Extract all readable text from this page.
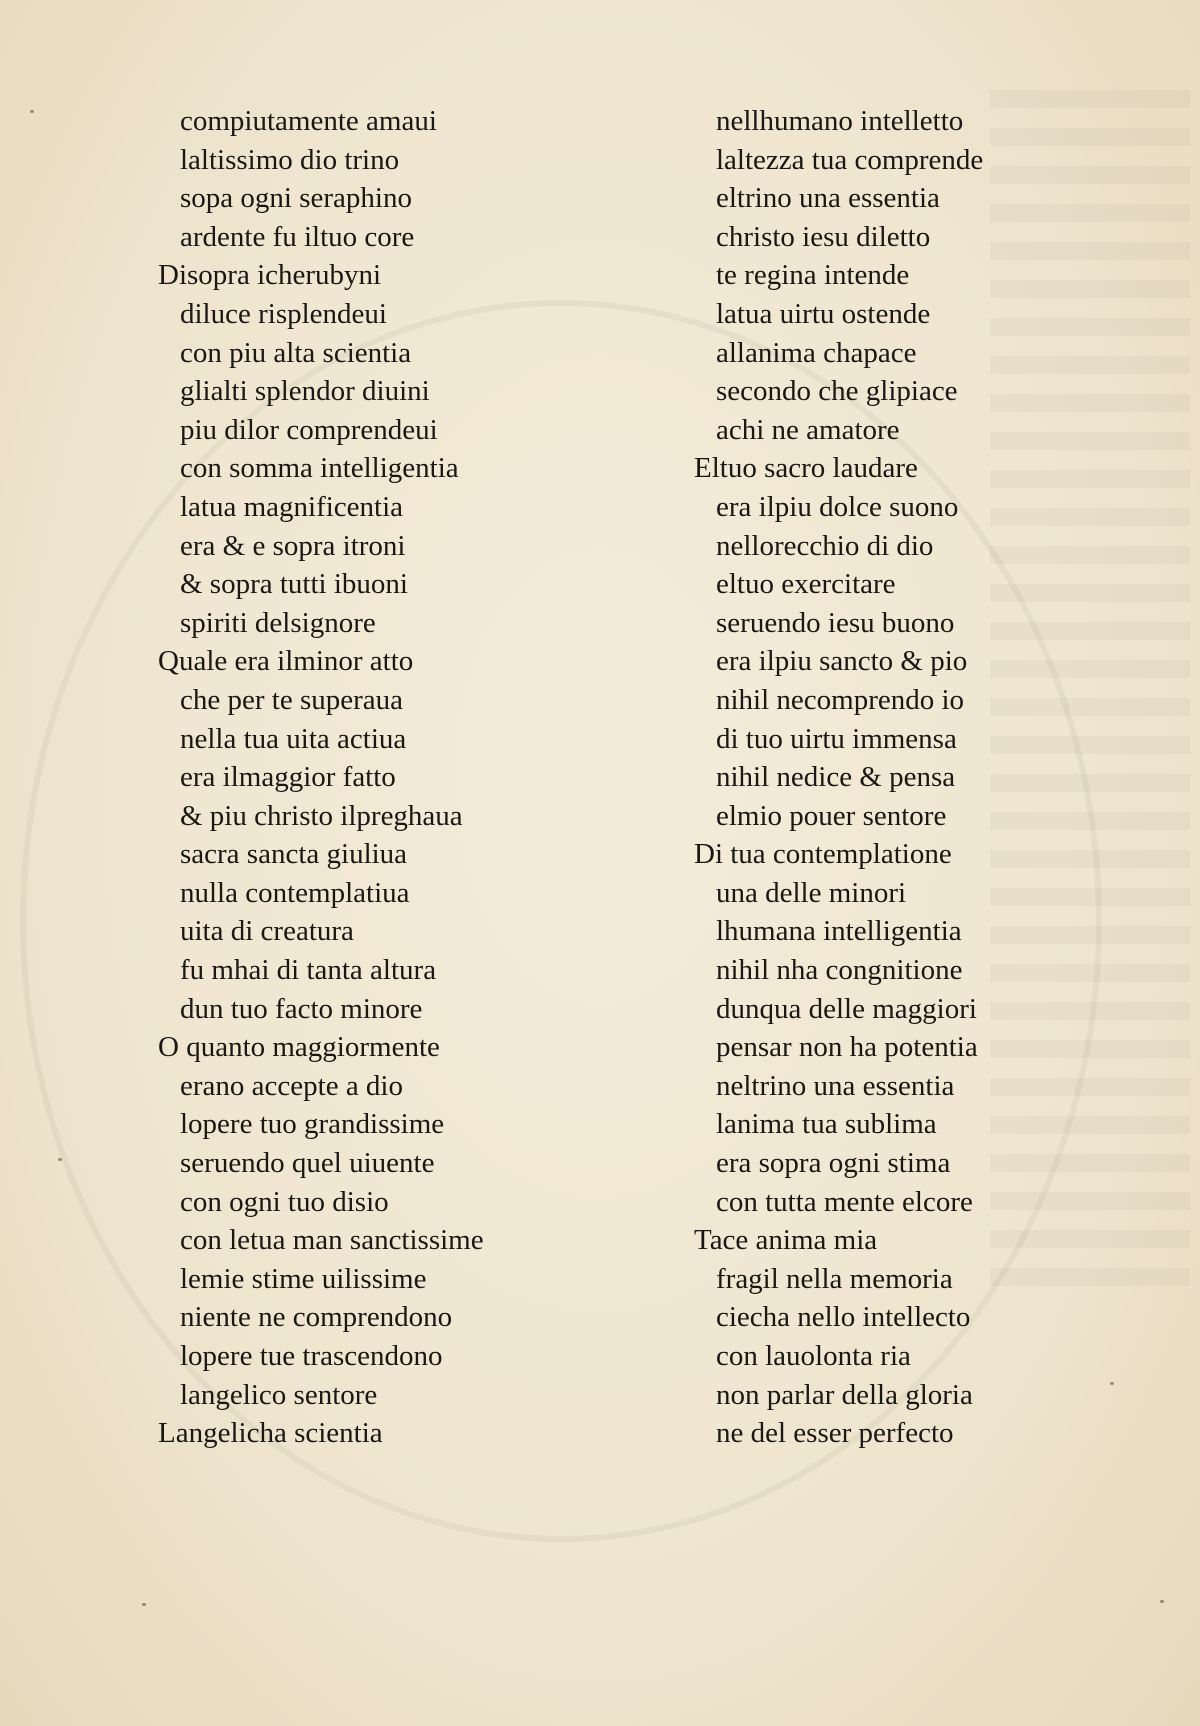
compiutamente amaui
laltissimo dio trino
sopa ogni seraphino
ardente fu iltuo core
Disopra icherubyni
diluce risplendeui
con piu alta scientia
glialti splendor diuini
piu dilor comprendeui
con somma intelligentia
latua magnificentia
era & e sopra itroni
& sopra tutti ibuoni
spiriti delsignore
Quale era ilminor atto
che per te superaua
nella tua uita actiua
era ilmaggior fatto
& piu christo ilpreghaua
sacra sancta giuliua
nulla contemplatiua
uita di creatura
fu mhai di tanta altura
dun tuo facto minore
O quanto maggiormente
erano accepte a dio
lopere tuo grandissime
seruendo quel uiuente
con ogni tuo disio
con letua man sanctissime
lemie stime uilissime
niente ne comprendono
lopere tue trascendono
langelico sentore
Langelicha scientia
nellhumano intelletto
laltezza tua comprende
eltrino una essentia
christo iesu diletto
te regina intende
latua uirtu ostende
allanima chapace
secondo che glipiace
achi ne amatore
Eltuo sacro laudare
era ilpiu dolce suono
nellorecchio di dio
eltuo exercitare
seruendo iesu buono
era ilpiu sancto & pio
nihil necomprendo io
di tuo uirtu immensa
nihil nedice & pensa
elmio pouer sentore
Di tua contemplatione
una delle minori
lhumana intelligentia
nihil nha congnitione
dunqua delle maggiori
pensar non ha potentia
neltrino una essentia
lanima tua sublima
era sopra ogni stima
con tutta mente elcore
Tace anima mia
fragil nella memoria
ciecha nello intellecto
con lauolonta ria
non parlar della gloria
ne del esser perfecto
